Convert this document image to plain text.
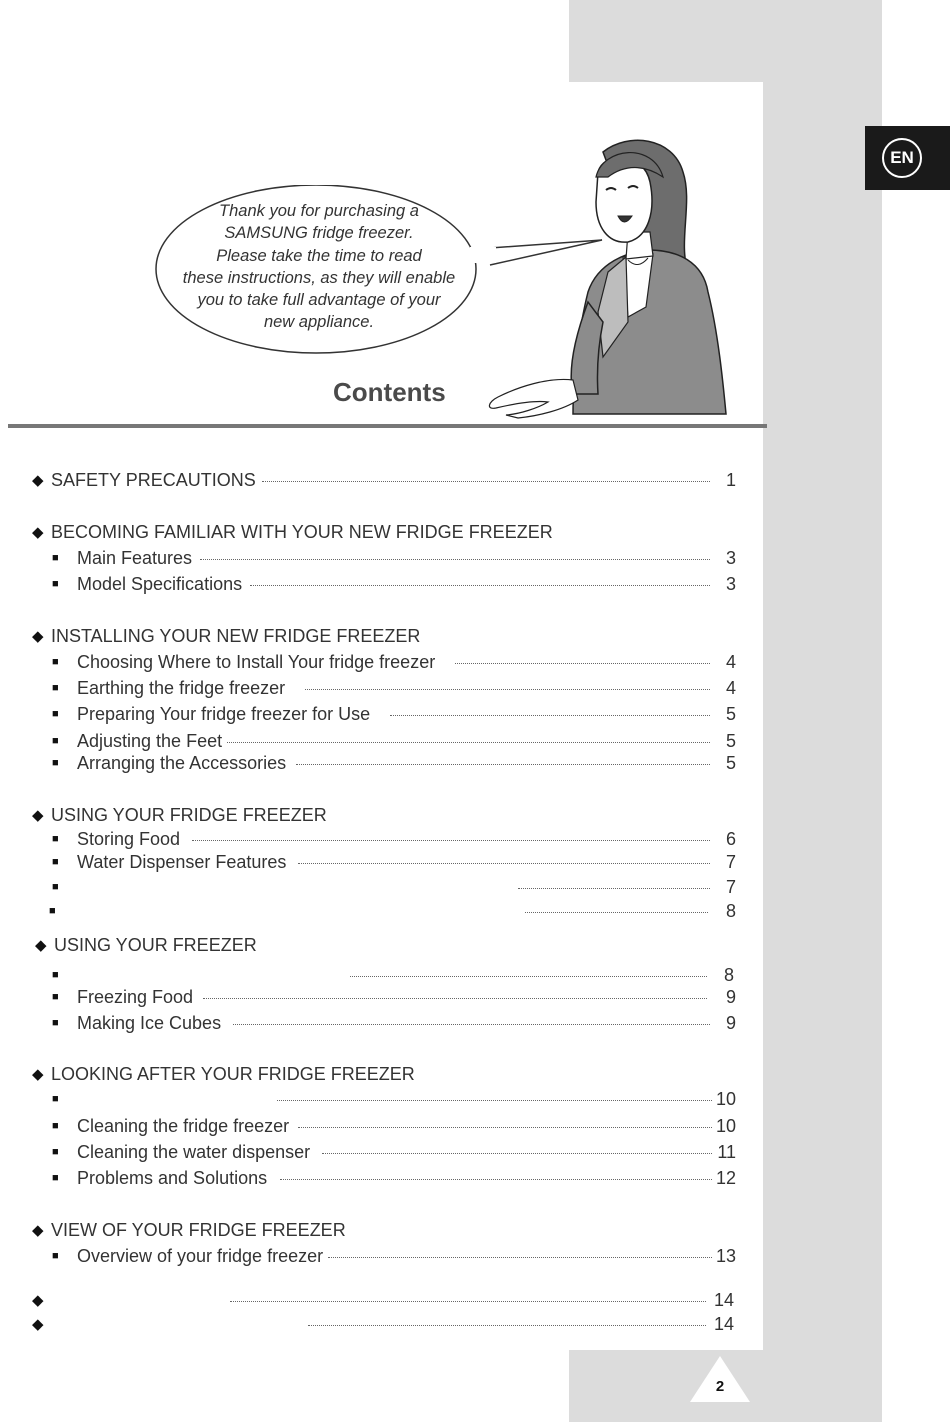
EN
Thank you for purchasing a
SAMSUNG fridge freezer.
Please take the time to read
these instructions, as they will enable
you to take full advantage of your
new appliance.
Contents
◆ SAFETY PRECAUTIONS	1
◆ BECOMING FAMILIAR WITH YOUR NEW FRIDGE FREEZER
■ Main Features	3
■ Model Specifications	3
◆ INSTALLING YOUR NEW FRIDGE FREEZER
■ Choosing Where to Install Your fridge freezer	4
■ Earthing the fridge freezer	4
■ Preparing Your fridge freezer for Use	5
■ Adjusting the Feet	5
■ Arranging the Accessories	5
◆ USING YOUR FRIDGE FREEZER
■ Storing Food	6
■ Water Dispenser Features	7
■	7
■	8
◆ USING YOUR FREEZER
■	8
■ Freezing Food	9
■ Making Ice Cubes	9
◆ LOOKING AFTER YOUR FRIDGE FREEZER
■	10
■ Cleaning the fridge freezer	10
■ Cleaning the water dispenser	11
■ Problems and Solutions	12
◆ VIEW OF YOUR FRIDGE FREEZER
■ Overview of your fridge freezer	13
◆	14
◆	14
2
